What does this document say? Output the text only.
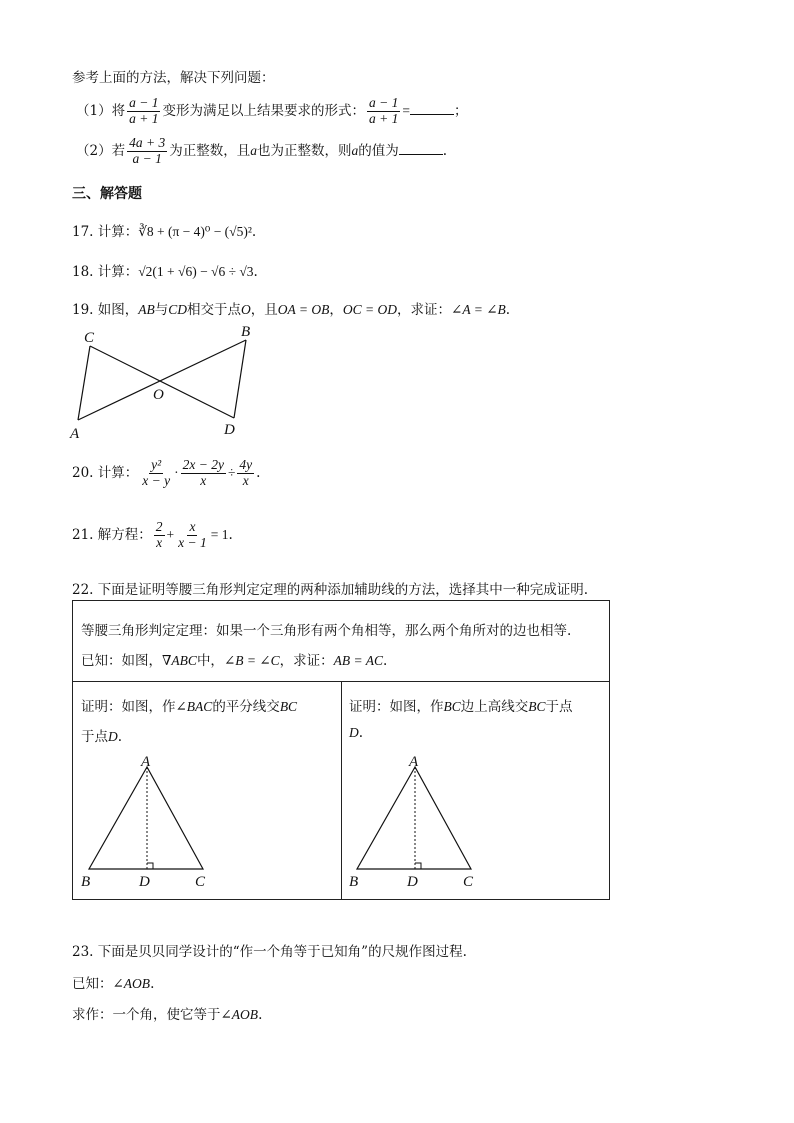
参考上面的方法，解决下列问题：
（1）将 $\frac{a - 1}{a + 1}$ 变形为满足以上结果要求的形式： $\frac{a - 1}{a + 1}$ =	；
（2）若 $\frac{4a + 3}{a - 1}$ 为正整数，且a也为正整数，则a的值为	.
三、解答题
17. 计算：∛8 + (π − 4)⁰ − (√5)².
18. 计算：√2(1 + √6) − √6 ÷ √3.
19. 如图，AB与CD相交于点O，且OA = OB，OC = OD，求证：∠A = ∠B.
C	B
O
A	D
20. 计算： $\frac{\text{y²}}{x - y} \cdot \frac{2x - 2y}{x} \div \frac{4y}{x}$ .
21. 解方程： $\frac{2}{x} + \frac{x}{x - 1} = 1$.
22. 下面是证明等腰三角形判定定理的两种添加辅助线的方法，选择其中一种完成证明.
等腰三角形判定定理：如果一个三角形有两个角相等，那么两个角所对的边也相等.
已知：如图，∇ABC中，∠B = ∠C，求证：AB = AC.
证明：如图，作∠BAC的平分线交BC
于点D.
证明：如图，作BC边上高线交BC于点
D.
A
B	D	C
A
B	D	C
23. 下面是贝贝同学设计的“作一个角等于已知角”的尺规作图过程.
已知：∠AOB.
求作：一个角，使它等于∠AOB.
